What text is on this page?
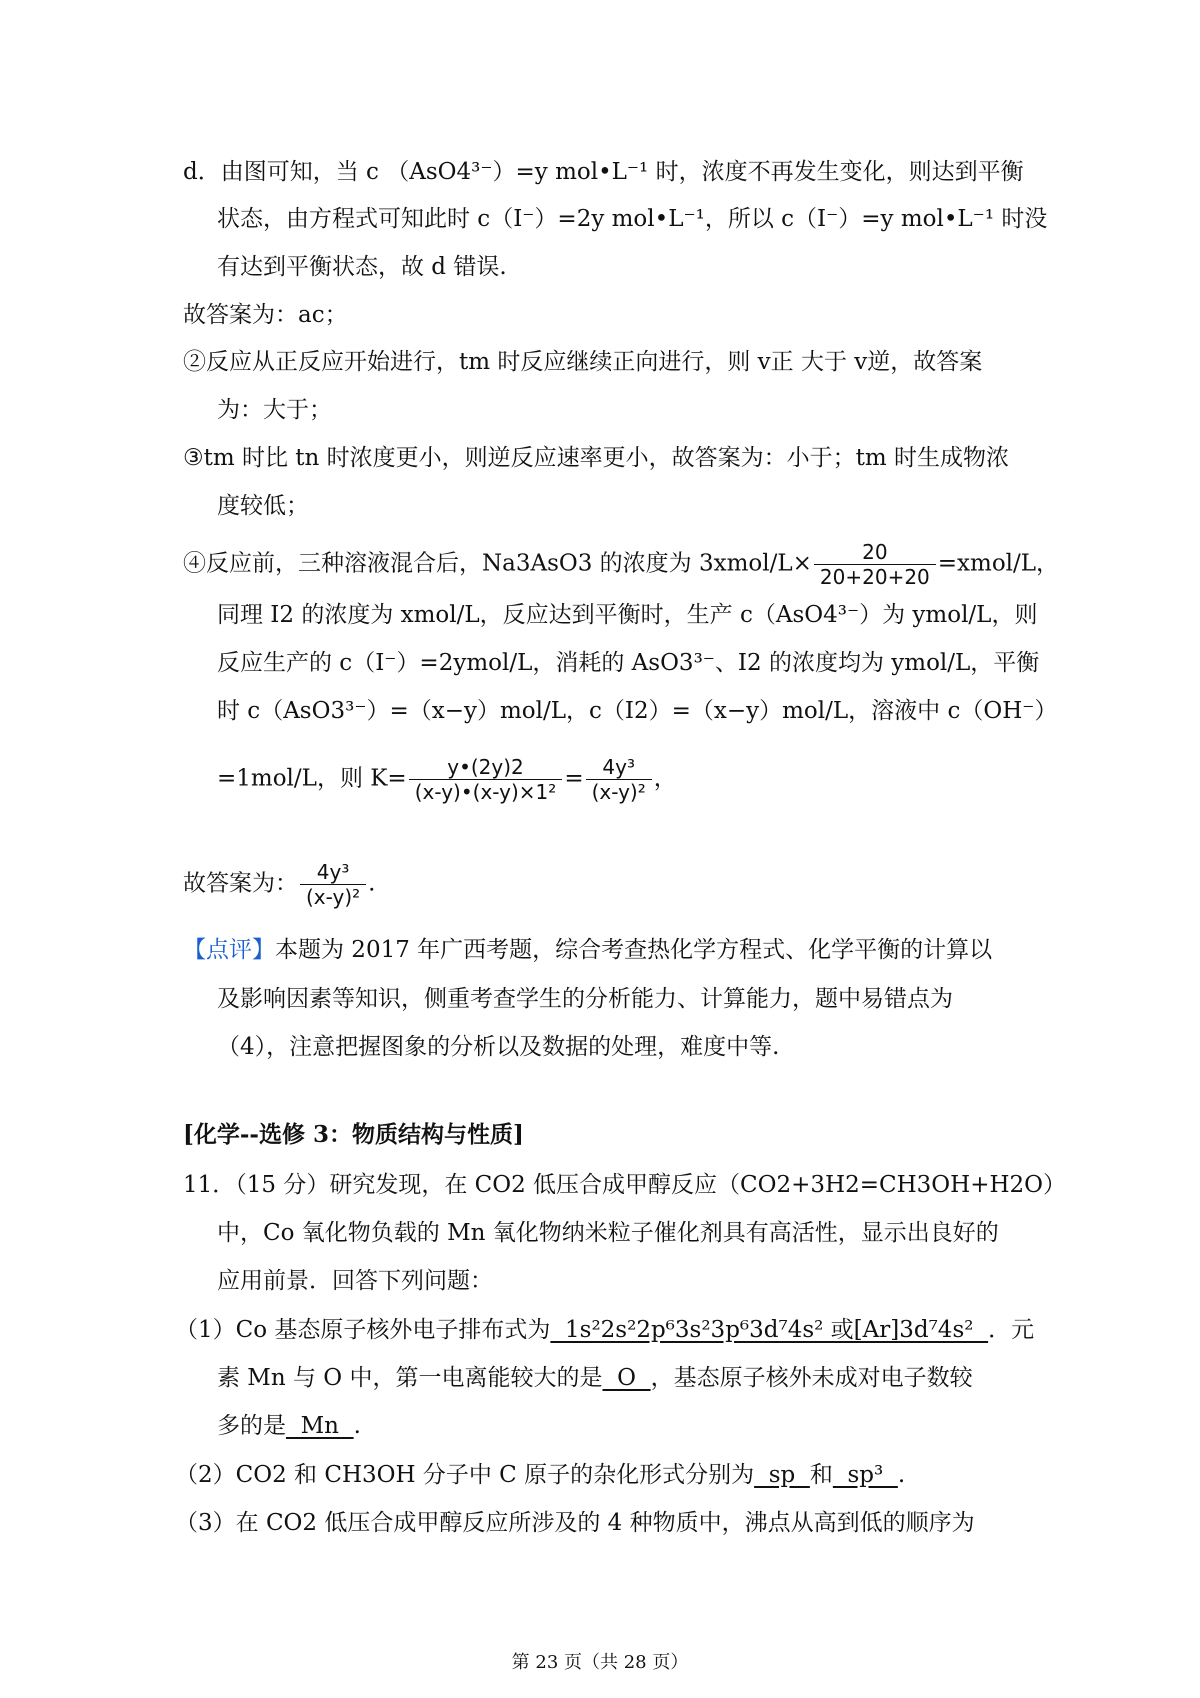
d．由图可知，当 c （AsO4³⁻）=y mol•L⁻¹ 时，浓度不再发生变化，则达到平衡
状态，由方程式可知此时 c（I⁻）=2y mol•L⁻¹，所以 c（I⁻）=y mol•L⁻¹ 时没
有达到平衡状态，故 d 错误.
故答案为：ac；
②反应从正反应开始进行，tm 时反应继续正向进行，则 v正 大于 v逆，故答案
为：大于；
③tm 时比 tn 时浓度更小，则逆反应速率更小，故答案为：小于；tm 时生成物浓
度较低；
④反应前，三种溶液混合后，Na3AsO3 的浓度为 3xmol/L× $\frac{20}{20+20+20}$ =xmol/L，
同理 I2 的浓度为 xmol/L，反应达到平衡时，生产 c（AsO4³⁻）为 ymol/L，则
反应生产的 c（I⁻）=2ymol/L，消耗的 AsO3³⁻、I2 的浓度均为 ymol/L，平衡
时 c（AsO3³⁻）=（x−y）mol/L，c（I2）=（x−y）mol/L，溶液中 c（OH⁻）
=1mol/L，则 $K= \frac{y•(2y)2}{\text{(x-y)•(x-y)×1²}} = \frac{\text{4y³}}{\text{(x-y)²}}$ ，
故答案为： $\frac{\text{4y³}}{\text{(x-y)²}}$ .
【点评】本题为 2017 年广西考题，综合考查热化学方程式、化学平衡的计算以
及影响因素等知识，侧重考查学生的分析能力、计算能力，题中易错点为
（4），注意把握图象的分析以及数据的处理，难度中等.
[化学--选修 3：物质结构与性质]
11．（15 分）研究发现，在 CO2 低压合成甲醇反应（CO2+3H2=CH3OH+H2O）
中，Co 氧化物负载的 Mn 氧化物纳米粒子催化剂具有高活性，显示出良好的
应用前景．回答下列问题：
（1）Co 基态原子核外电子排布式为  1s²2s²2p⁶3s²3p⁶3d⁷4s² 或[Ar]3d⁷4s²  ．元
素 Mn 与 O 中，第一电离能较大的是  O  ，基态原子核外未成对电子数较
多的是  Mn  .
（2）CO2 和 CH3OH 分子中 C 原子的杂化形式分别为  sp  和  sp³  .
（3）在 CO2 低压合成甲醇反应所涉及的 4 种物质中，沸点从高到低的顺序为
第 23 页（共 28 页）
